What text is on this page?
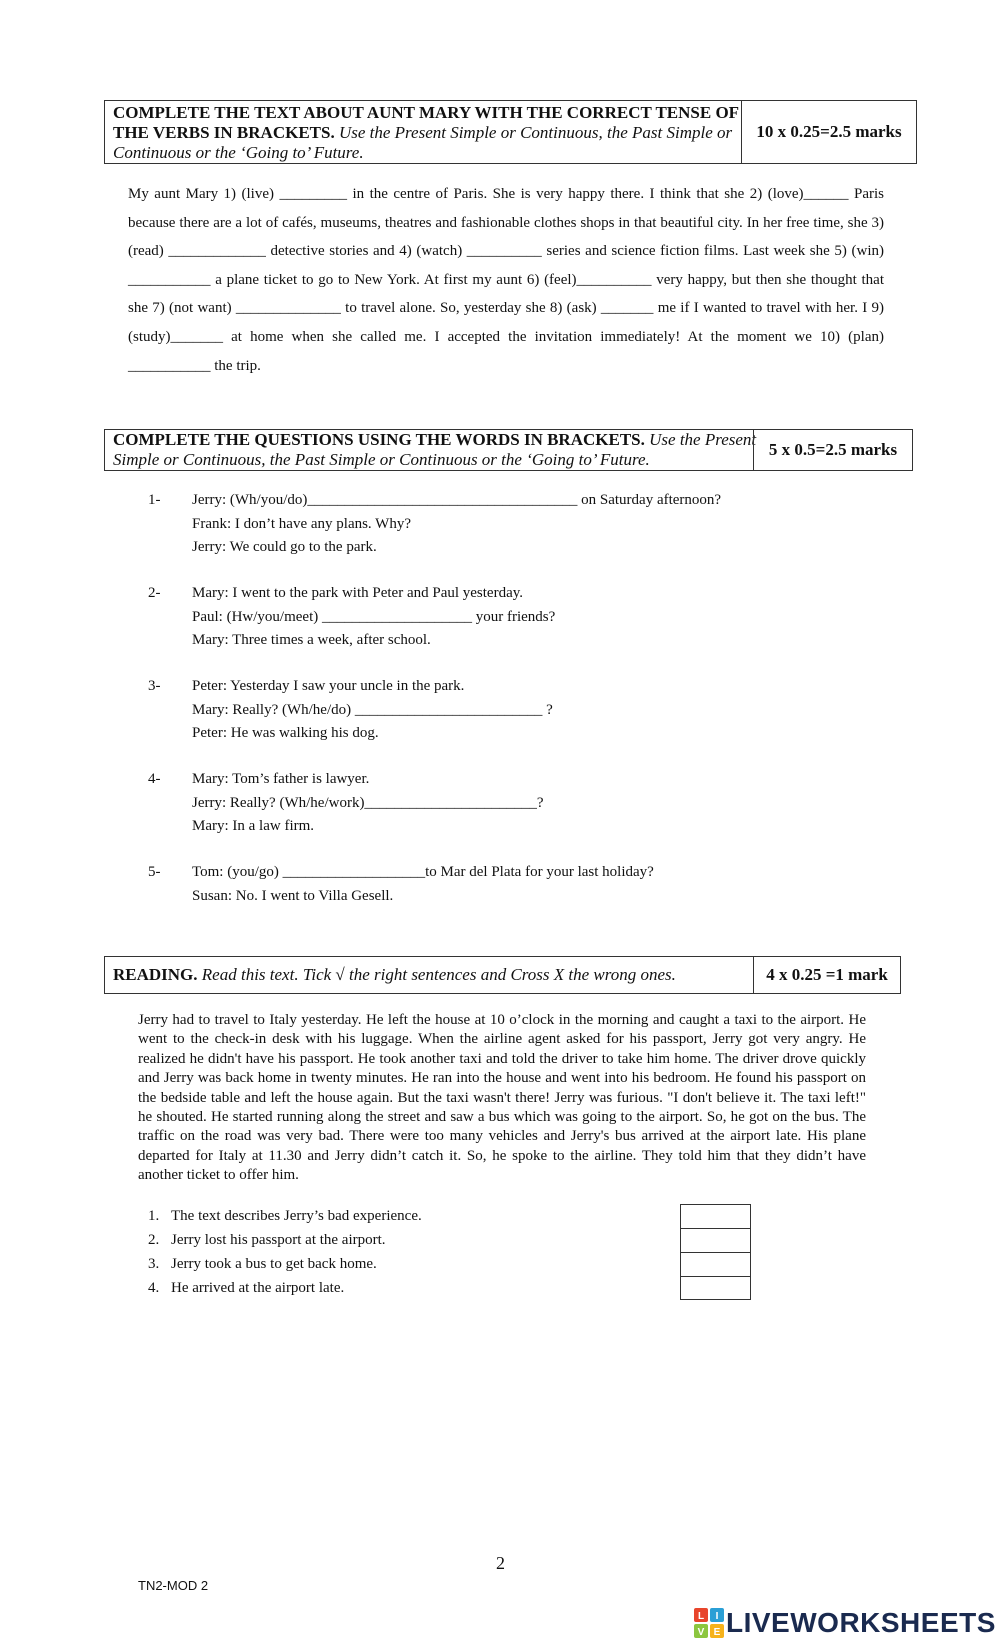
COMPLETE THE TEXT ABOUT AUNT MARY WITH THE CORRECT TENSE OF THE VERBS IN BRACKETS. Use the Present Simple or Continuous, the Past Simple or Continuous or the ‘Going to’ Future.
10 x 0.25=2.5 marks
My aunt Mary 1) (live) _________ in the centre of Paris. She is very happy there. I think that she 2) (love)______ Paris because there are a lot of cafés, museums, theatres and fashionable clothes shops in that beautiful city. In her free time, she 3) (read) _____________ detective stories and 4) (watch) __________ series and science fiction films. Last week she 5) (win) ___________ a plane ticket to go to New York. At first my aunt 6) (feel)__________ very happy, but then she thought that she 7) (not want) ______________ to travel alone. So, yesterday she 8) (ask) _______ me if I wanted to travel with her. I 9) (study)_______ at home when she called me. I accepted the invitation immediately! At the moment we 10) (plan) ___________ the trip.
COMPLETE THE QUESTIONS USING THE WORDS IN BRACKETS. Use the Present Simple or Continuous, the Past Simple or Continuous or the ‘Going to’ Future.
5 x 0.5=2.5 marks
1- Jerry: (Wh/you/do)____________________________________ on Saturday afternoon?
Frank: I don’t have any plans. Why?
Jerry: We could go to the park.
2- Mary: I went to the park with Peter and Paul yesterday.
Paul: (Hw/you/meet) ____________________ your friends?
Mary: Three times a week, after school.
3- Peter: Yesterday I saw your uncle in the park.
Mary: Really? (Wh/he/do) _________________________ ?
Peter: He was walking his dog.
4- Mary: Tom’s father is lawyer.
Jerry: Really? (Wh/he/work)_______________________?
Mary: In a law firm.
5- Tom: (you/go) ___________________to Mar del Plata for your last holiday?
Susan: No. I went to Villa Gesell.
READING. Read this text. Tick √ the right sentences and Cross X the wrong ones.	4 x 0.25 =1 mark
Jerry had to travel to Italy yesterday. He left the house at 10 o’clock in the morning and caught a taxi to the airport. He went to the check-in desk with his luggage. When the airline agent asked for his passport, Jerry got very angry. He realized he didn't have his passport. He took another taxi and told the driver to take him home. The driver drove quickly and Jerry was back home in twenty minutes. He ran into the house and went into his bedroom. He found his passport on the bedside table and left the house again. But the taxi wasn't there! Jerry was furious. "I don't believe it. The taxi left!" he shouted. He started running along the street and saw a bus which was going to the airport. So, he got on the bus. The traffic on the road was very bad. There were too many vehicles and Jerry's bus arrived at the airport late. His plane departed for Italy at 11.30 and Jerry didn’t catch it. So, he spoke to the airline. They told him that they didn’t have another ticket to offer him.
1. The text describes Jerry’s bad experience.
2. Jerry lost his passport at the airport.
3. Jerry took a bus to get back home.
4. He arrived at the airport late.
2
TN2-MOD 2
L I
V E LIVEWORKSHEETS
